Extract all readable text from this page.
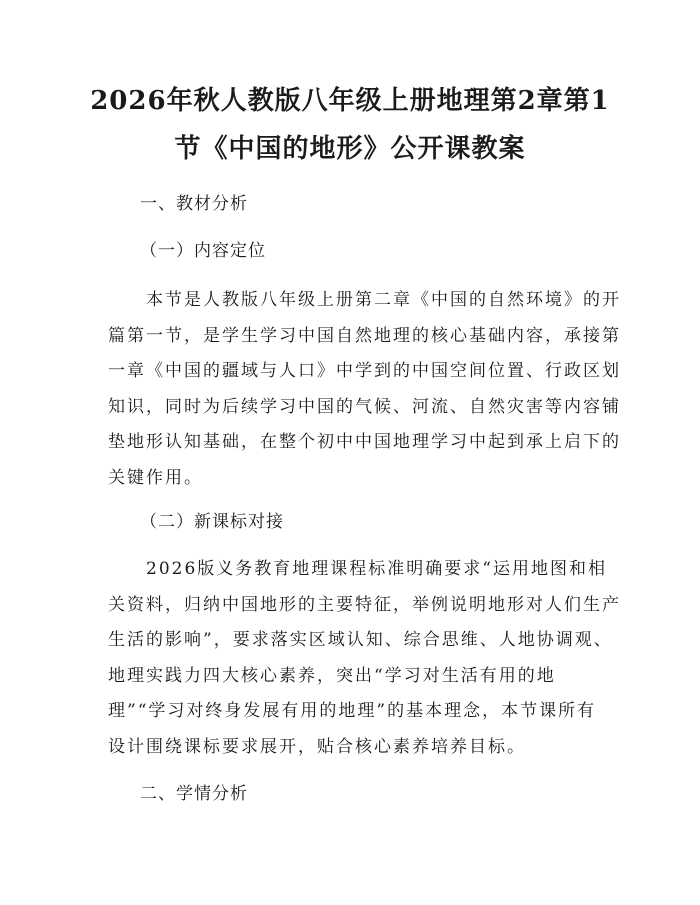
2026年秋人教版八年级上册地理第2章第1
节《中国的地形》公开课教案

一、教材分析

（一）内容定位

　　本节是人教版八年级上册第二章《中国的自然环境》的开
篇第一节，是学生学习中国自然地理的核心基础内容，承接第
一章《中国的疆域与人口》中学到的中国空间位置、行政区划
知识，同时为后续学习中国的气候、河流、自然灾害等内容铺
垫地形认知基础，在整个初中中国地理学习中起到承上启下的
关键作用。

（二）新课标对接

　　2026版义务教育地理课程标准明确要求“运用地图和相
关资料，归纳中国地形的主要特征，举例说明地形对人们生产
生活的影响”，要求落实区域认知、综合思维、人地协调观、
地理实践力四大核心素养，突出“学习对生活有用的地
理”“学习对终身发展有用的地理”的基本理念，本节课所有
设计围绕课标要求展开，贴合核心素养培养目标。

二、学情分析
